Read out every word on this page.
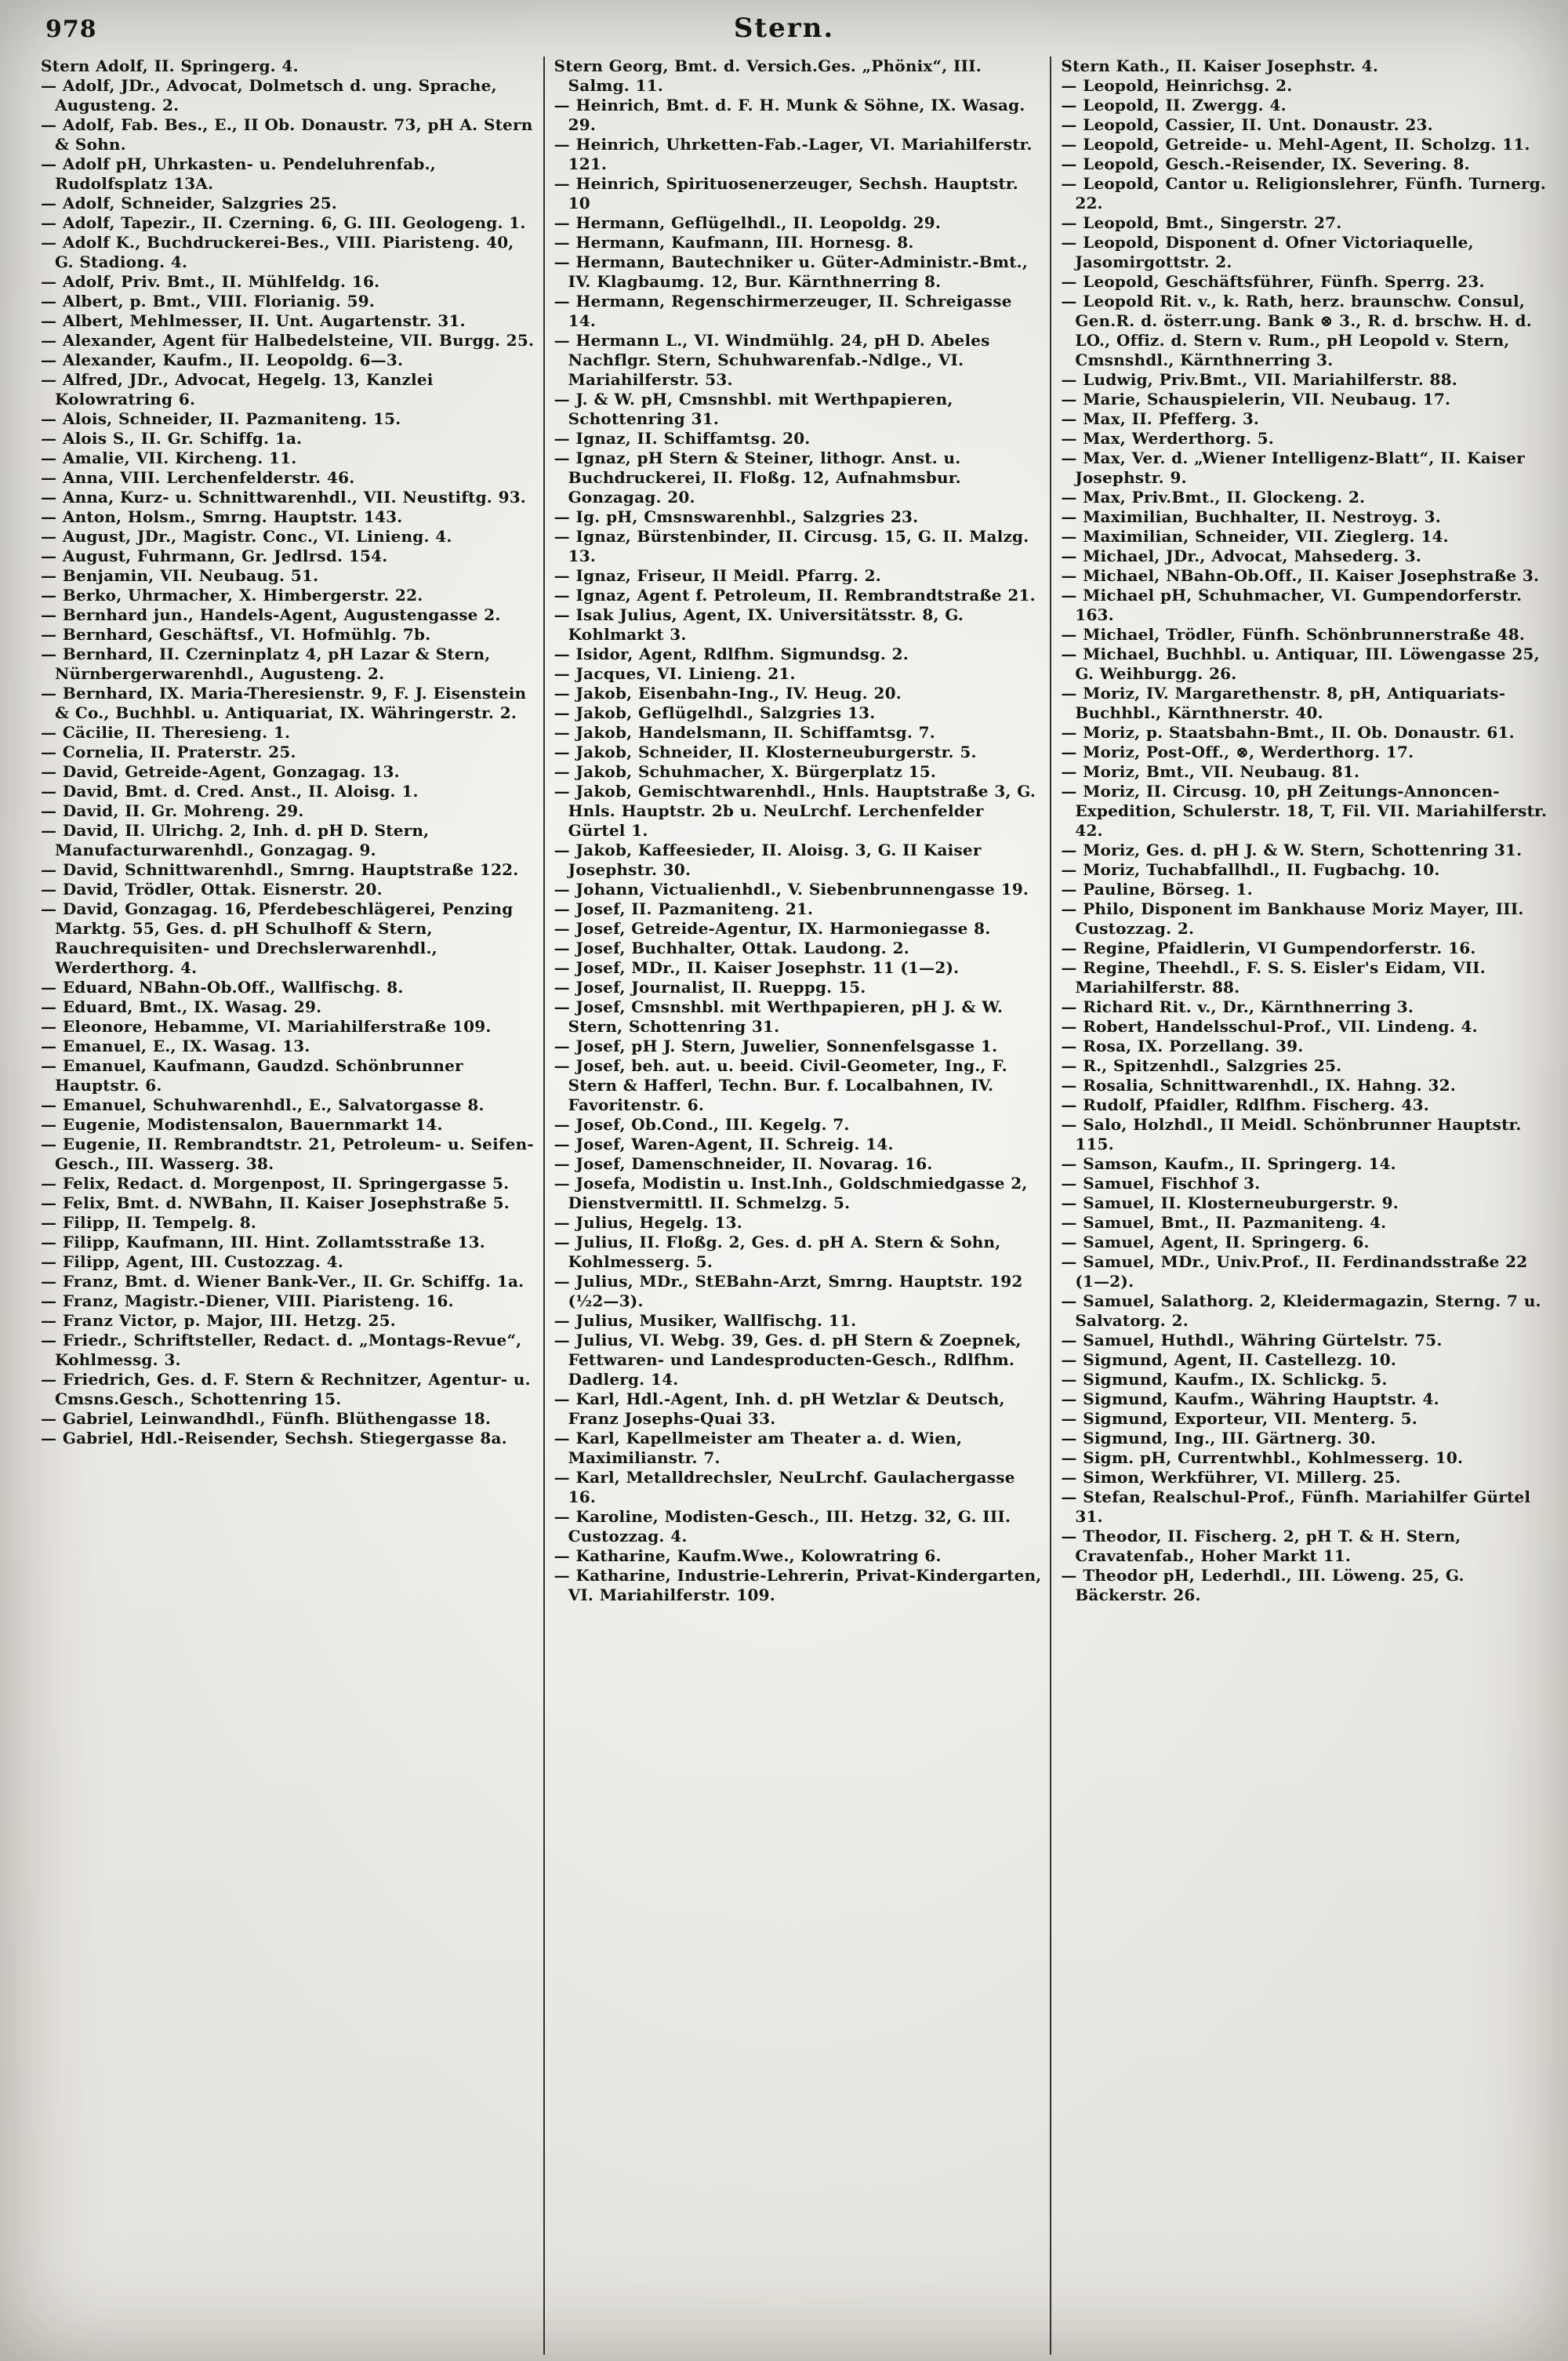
978	Stern.
Stern Adolf, II. Springerg. 4.
— Adolf, JDr., Advocat, Dolmetsch d. ung. Sprache, Augusteng. 2.
— Adolf, Fab. Bes., E., II Ob. Donaustr. 73, pH A. Stern & Sohn.
— Adolf pH, Uhrkasten- u. Pendeluhrenfab., Rudolfsplatz 13A.
— Adolf, Schneider, Salzgries 25.
— Adolf, Tapezir., II. Czerning. 6, G. III. Geologeng. 1.
— Adolf K., Buchdruckerei-Bes., VIII. Piaristeng. 40, G. Stadiong. 4.
— Adolf, Priv. Bmt., II. Mühlfeldg. 16.
— Albert, p. Bmt., VIII. Florianig. 59.
— Albert, Mehlmesser, II. Unt. Augartenstr. 31.
— Alexander, Agent für Halbedelsteine, VII. Burgg. 25.
— Alexander, Kaufm., II. Leopoldg. 6—3.
— Alfred, JDr., Advocat, Hegelg. 13, Kanzlei Kolowratring 6.
— Alois, Schneider, II. Pazmaniteng. 15.
— Alois S., II. Gr. Schiffg. 1a.
— Amalie, VII. Kircheng. 11.
— Anna, VIII. Lerchenfelderstr. 46.
— Anna, Kurz- u. Schnittwarenhdl., VII. Neustiftg. 93.
— Anton, Holsm., Smrng. Hauptstr. 143.
— August, JDr., Magistr. Conc., VI. Linieng. 4.
— August, Fuhrmann, Gr. Jedlrsd. 154.
— Benjamin, VII. Neubaug. 51.
— Berko, Uhrmacher, X. Himbergerstr. 22.
— Bernhard jun., Handels-Agent, Augustengasse 2.
— Bernhard, Geschäftsf., VI. Hofmühlg. 7b.
— Bernhard, II. Czerninplatz 4, pH Lazar & Stern, Nürnbergerwarenhdl., Augusteng. 2.
— Bernhard, IX. Maria-Theresienstr. 9, F. J. Eisenstein & Co., Buchhbl. u. Antiquariat, IX. Währingerstr. 2.
— Cäcilie, II. Theresieng. 1.
— Cornelia, II. Praterstr. 25.
— David, Getreide-Agent, Gonzagag. 13.
— David, Bmt. d. Cred. Anst., II. Aloisg. 1.
— David, II. Gr. Mohreng. 29.
— David, II. Ulrichg. 2, Inh. d. pH D. Stern, Manufacturwarenhdl., Gonzagag. 9.
— David, Schnittwarenhdl., Smrng. Hauptstraße 122.
— David, Trödler, Ottak. Eisnerstr. 20.
— David, Gonzagag. 16, Pferdebeschlägerei, Penzing Marktg. 55, Ges. d. pH Schulhoff & Stern, Rauchrequisiten- und Drechslerwarenhdl., Werderthorg. 4.
— Eduard, NBahn-Ob.Off., Wallfischg. 8.
— Eduard, Bmt., IX. Wasag. 29.
— Eleonore, Hebamme, VI. Mariahilferstraße 109.
— Emanuel, E., IX. Wasag. 13.
— Emanuel, Kaufmann, Gaudzd. Schönbrunner Hauptstr. 6.
— Emanuel, Schuhwarenhdl., E., Salvatorgasse 8.
— Eugenie, Modistensalon, Bauernmarkt 14.
— Eugenie, II. Rembrandtstr. 21, Petroleum- u. Seifen-Gesch., III. Wasserg. 38.
— Felix, Redact. d. Morgenpost, II. Springergasse 5.
— Felix, Bmt. d. NWBahn, II. Kaiser Josephstraße 5.
— Filipp, II. Tempelg. 8.
— Filipp, Kaufmann, III. Hint. Zollamtsstraße 13.
— Filipp, Agent, III. Custozzag. 4.
— Franz, Bmt. d. Wiener Bank-Ver., II. Gr. Schiffg. 1a.
— Franz, Magistr.-Diener, VIII. Piaristeng. 16.
— Franz Victor, p. Major, III. Hetzg. 25.
— Friedr., Schriftsteller, Redact. d. „Montags-Revue“, Kohlmessg. 3.
— Friedrich, Ges. d. F. Stern & Rechnitzer, Agentur- u. Cmsns.Gesch., Schottenring 15.
— Gabriel, Leinwandhdl., Fünfh. Blüthengasse 18.
— Gabriel, Hdl.-Reisender, Sechsh. Stiegergasse 8a.
Stern Georg, Bmt. d. Versich.Ges. „Phönix“, III. Salmg. 11.
— Heinrich, Bmt. d. F. H. Munk & Söhne, IX. Wasag. 29.
— Heinrich, Uhrketten-Fab.-Lager, VI. Mariahilferstr. 121.
— Heinrich, Spirituosenerzeuger, Sechsh. Hauptstr. 10
— Hermann, Geflügelhdl., II. Leopoldg. 29.
— Hermann, Kaufmann, III. Hornesg. 8.
— Hermann, Bautechniker u. Güter-Administr.-Bmt., IV. Klagbaumg. 12, Bur. Kärnthnerring 8.
— Hermann, Regenschirmerzeuger, II. Schreigasse 14.
— Hermann L., VI. Windmühlg. 24, pH D. Abeles Nachflgr. Stern, Schuhwarenfab.-Ndlge., VI. Mariahilferstr. 53.
— J. & W. pH, Cmsnshbl. mit Werthpapieren, Schottenring 31.
— Ignaz, II. Schiffamtsg. 20.
— Ignaz, pH Stern & Steiner, lithogr. Anst. u. Buchdruckerei, II. Floßg. 12, Aufnahmsbur. Gonzagag. 20.
— Ig. pH, Cmsnswarenhbl., Salzgries 23.
— Ignaz, Bürstenbinder, II. Circusg. 15, G. II. Malzg. 13.
— Ignaz, Friseur, II Meidl. Pfarrg. 2.
— Ignaz, Agent f. Petroleum, II. Rembrandtstraße 21.
— Isak Julius, Agent, IX. Universitätsstr. 8, G. Kohlmarkt 3.
— Isidor, Agent, Rdlfhm. Sigmundsg. 2.
— Jacques, VI. Linieng. 21.
— Jakob, Eisenbahn-Ing., IV. Heug. 20.
— Jakob, Geflügelhdl., Salzgries 13.
— Jakob, Handelsmann, II. Schiffamtsg. 7.
— Jakob, Schneider, II. Klosterneuburgerstr. 5.
— Jakob, Schuhmacher, X. Bürgerplatz 15.
— Jakob, Gemischtwarenhdl., Hnls. Hauptstraße 3, G. Hnls. Hauptstr. 2b u. NeuLrchf. Lerchenfelder Gürtel 1.
— Jakob, Kaffeesieder, II. Aloisg. 3, G. II Kaiser Josephstr. 30.
— Johann, Victualienhdl., V. Siebenbrunnengasse 19.
— Josef, II. Pazmaniteng. 21.
— Josef, Getreide-Agentur, IX. Harmoniegasse 8.
— Josef, Buchhalter, Ottak. Laudong. 2.
— Josef, MDr., II. Kaiser Josephstr. 11 (1—2).
— Josef, Journalist, II. Rueppg. 15.
— Josef, Cmsnshbl. mit Werthpapieren, pH J. & W. Stern, Schottenring 31.
— Josef, pH J. Stern, Juwelier, Sonnenfelsgasse 1.
— Josef, beh. aut. u. beeid. Civil-Geometer, Ing., F. Stern & Hafferl, Techn. Bur. f. Localbahnen, IV. Favoritenstr. 6.
— Josef, Ob.Cond., III. Kegelg. 7.
— Josef, Waren-Agent, II. Schreig. 14.
— Josef, Damenschneider, II. Novarag. 16.
— Josefa, Modistin u. Inst.Inh., Goldschmiedgasse 2, Dienstvermittl. II. Schmelzg. 5.
— Julius, Hegelg. 13.
— Julius, II. Floßg. 2, Ges. d. pH A. Stern & Sohn, Kohlmesserg. 5.
— Julius, MDr., StEBahn-Arzt, Smrng. Hauptstr. 192 (½2—3).
— Julius, Musiker, Wallfischg. 11.
— Julius, VI. Webg. 39, Ges. d. pH Stern & Zoepnek, Fettwaren- und Landesproducten-Gesch., Rdlfhm. Dadlerg. 14.
— Karl, Hdl.-Agent, Inh. d. pH Wetzlar & Deutsch, Franz Josephs-Quai 33.
— Karl, Kapellmeister am Theater a. d. Wien, Maximilianstr. 7.
— Karl, Metalldrechsler, NeuLrchf. Gaulachergasse 16.
— Karoline, Modisten-Gesch., III. Hetzg. 32, G. III. Custozzag. 4.
— Katharine, Kaufm.Wwe., Kolowratring 6.
— Katharine, Industrie-Lehrerin, Privat-Kindergarten, VI. Mariahilferstr. 109.
Stern Kath., II. Kaiser Josephstr. 4.
— Leopold, Heinrichsg. 2.
— Leopold, II. Zwergg. 4.
— Leopold, Cassier, II. Unt. Donaustr. 23.
— Leopold, Getreide- u. Mehl-Agent, II. Scholzg. 11.
— Leopold, Gesch.-Reisender, IX. Severing. 8.
— Leopold, Cantor u. Religionslehrer, Fünfh. Turnerg. 22.
— Leopold, Bmt., Singerstr. 27.
— Leopold, Disponent d. Ofner Victoriaquelle, Jasomirgottstr. 2.
— Leopold, Geschäftsführer, Fünfh. Sperrg. 23.
— Leopold Rit. v., k. Rath, herz. braunschw. Consul, Gen.R. d. österr.ung. Bank ⊗ 3., R. d. brschw. H. d. LO., Offiz. d. Stern v. Rum., pH Leopold v. Stern, Cmsnshdl., Kärnthnerring 3.
— Ludwig, Priv.Bmt., VII. Mariahilferstr. 88.
— Marie, Schauspielerin, VII. Neubaug. 17.
— Max, II. Pfefferg. 3.
— Max, Werderthorg. 5.
— Max, Ver. d. „Wiener Intelligenz-Blatt“, II. Kaiser Josephstr. 9.
— Max, Priv.Bmt., II. Glockeng. 2.
— Maximilian, Buchhalter, II. Nestroyg. 3.
— Maximilian, Schneider, VII. Zieglerg. 14.
— Michael, JDr., Advocat, Mahsederg. 3.
— Michael, NBahn-Ob.Off., II. Kaiser Josephstraße 3.
— Michael pH, Schuhmacher, VI. Gumpendorferstr. 163.
— Michael, Trödler, Fünfh. Schönbrunnerstraße 48.
— Michael, Buchhbl. u. Antiquar, III. Löwengasse 25, G. Weihburgg. 26.
— Moriz, IV. Margarethenstr. 8, pH, Antiquariats-Buchhbl., Kärnthnerstr. 40.
— Moriz, p. Staatsbahn-Bmt., II. Ob. Donaustr. 61.
— Moriz, Post-Off., ⊗, Werderthorg. 17.
— Moriz, Bmt., VII. Neubaug. 81.
— Moriz, II. Circusg. 10, pH Zeitungs-Annoncen-Expedition, Schulerstr. 18, T, Fil. VII. Mariahilferstr. 42.
— Moriz, Ges. d. pH J. & W. Stern, Schottenring 31.
— Moriz, Tuchabfallhdl., II. Fugbachg. 10.
— Pauline, Börseg. 1.
— Philo, Disponent im Bankhause Moriz Mayer, III. Custozzag. 2.
— Regine, Pfaidlerin, VI Gumpendorferstr. 16.
— Regine, Theehdl., F. S. S. Eisler's Eidam, VII. Mariahilferstr. 88.
— Richard Rit. v., Dr., Kärnthnerring 3.
— Robert, Handelsschul-Prof., VII. Lindeng. 4.
— Rosa, IX. Porzellang. 39.
— R., Spitzenhdl., Salzgries 25.
— Rosalia, Schnittwarenhdl., IX. Hahng. 32.
— Rudolf, Pfaidler, Rdlfhm. Fischerg. 43.
— Salo, Holzhdl., II Meidl. Schönbrunner Hauptstr. 115.
— Samson, Kaufm., II. Springerg. 14.
— Samuel, Fischhof 3.
— Samuel, II. Klosterneuburgerstr. 9.
— Samuel, Bmt., II. Pazmaniteng. 4.
— Samuel, Agent, II. Springerg. 6.
— Samuel, MDr., Univ.Prof., II. Ferdinandsstraße 22 (1—2).
— Samuel, Salathorg. 2, Kleidermagazin, Sterng. 7 u. Salvatorg. 2.
— Samuel, Huthdl., Währing Gürtelstr. 75.
— Sigmund, Agent, II. Castellezg. 10.
— Sigmund, Kaufm., IX. Schlickg. 5.
— Sigmund, Kaufm., Währing Hauptstr. 4.
— Sigmund, Exporteur, VII. Menterg. 5.
— Sigmund, Ing., III. Gärtnerg. 30.
— Sigm. pH, Currentwhbl., Kohlmesserg. 10.
— Simon, Werkführer, VI. Millerg. 25.
— Stefan, Realschul-Prof., Fünfh. Mariahilfer Gürtel 31.
— Theodor, II. Fischerg. 2, pH T. & H. Stern, Cravatenfab., Hoher Markt 11.
— Theodor pH, Lederhdl., III. Löweng. 25, G. Bäckerstr. 26.
